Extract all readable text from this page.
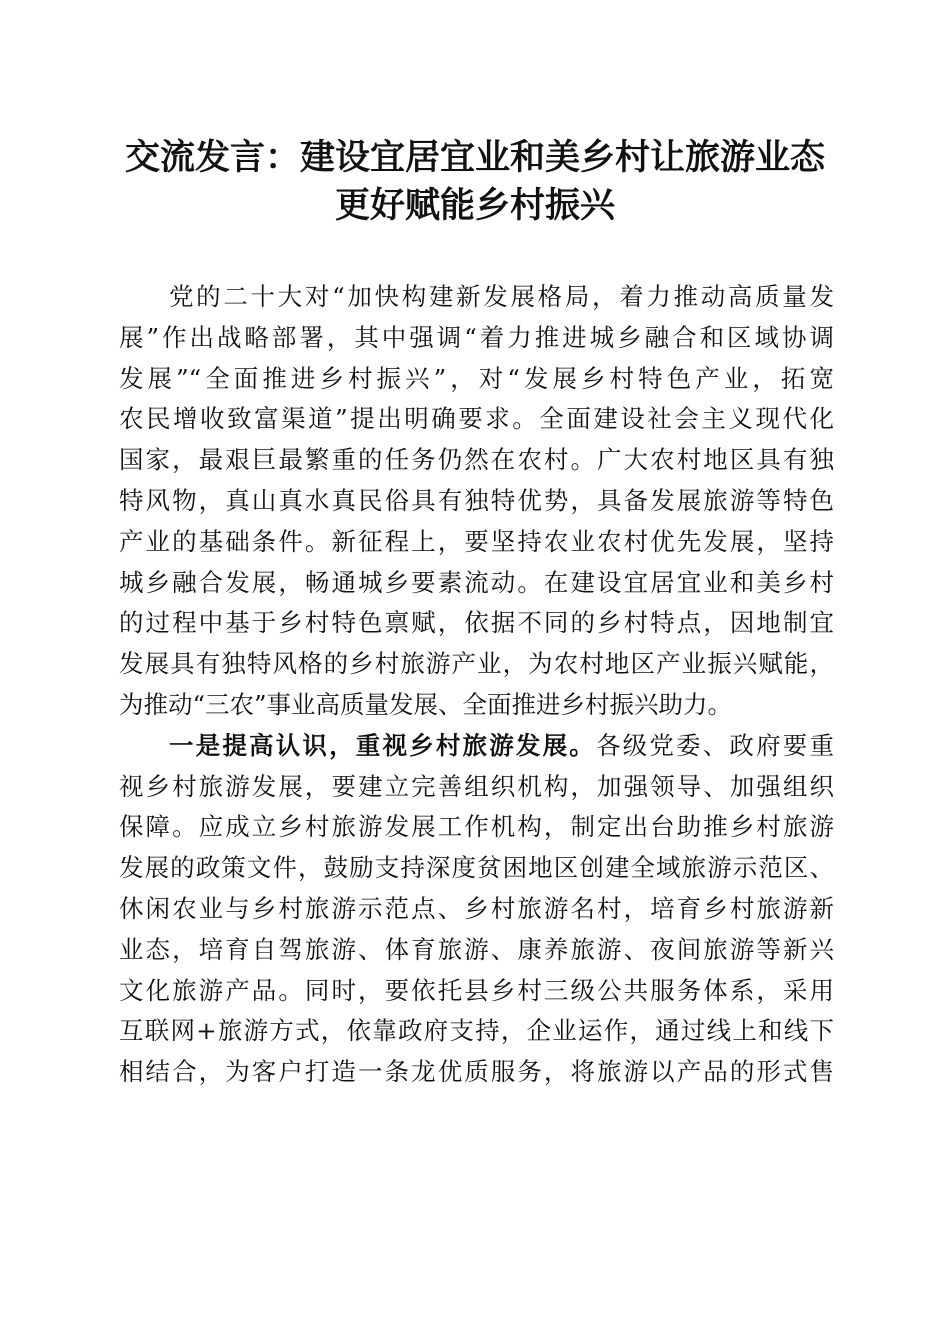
交流发言：建设宜居宜业和美乡村让旅游业态
更好赋能乡村振兴
党的二十大对“加快构建新发展格局，着力推动高质量发
展”作出战略部署，其中强调“着力推进城乡融合和区域协调
发展”“全面推进乡村振兴”，对“发展乡村特色产业，拓宽
农民增收致富渠道”提出明确要求。全面建设社会主义现代化
国家，最艰巨最繁重的任务仍然在农村。广大农村地区具有独
特风物，真山真水真民俗具有独特优势，具备发展旅游等特色
产业的基础条件。新征程上，要坚持农业农村优先发展，坚持
城乡融合发展，畅通城乡要素流动。在建设宜居宜业和美乡村
的过程中基于乡村特色禀赋，依据不同的乡村特点，因地制宜
发展具有独特风格的乡村旅游产业，为农村地区产业振兴赋能，
为推动“三农”事业高质量发展、全面推进乡村振兴助力。
一是提高认识，重视乡村旅游发展。各级党委、政府要重
视乡村旅游发展，要建立完善组织机构，加强领导、加强组织
保障。应成立乡村旅游发展工作机构，制定出台助推乡村旅游
发展的政策文件，鼓励支持深度贫困地区创建全域旅游示范区、
休闲农业与乡村旅游示范点、乡村旅游名村，培育乡村旅游新
业态，培育自驾旅游、体育旅游、康养旅游、夜间旅游等新兴
文化旅游产品。同时，要依托县乡村三级公共服务体系，采用
互联网+旅游方式，依靠政府支持，企业运作，通过线上和线下
相结合，为客户打造一条龙优质服务，将旅游以产品的形式售
